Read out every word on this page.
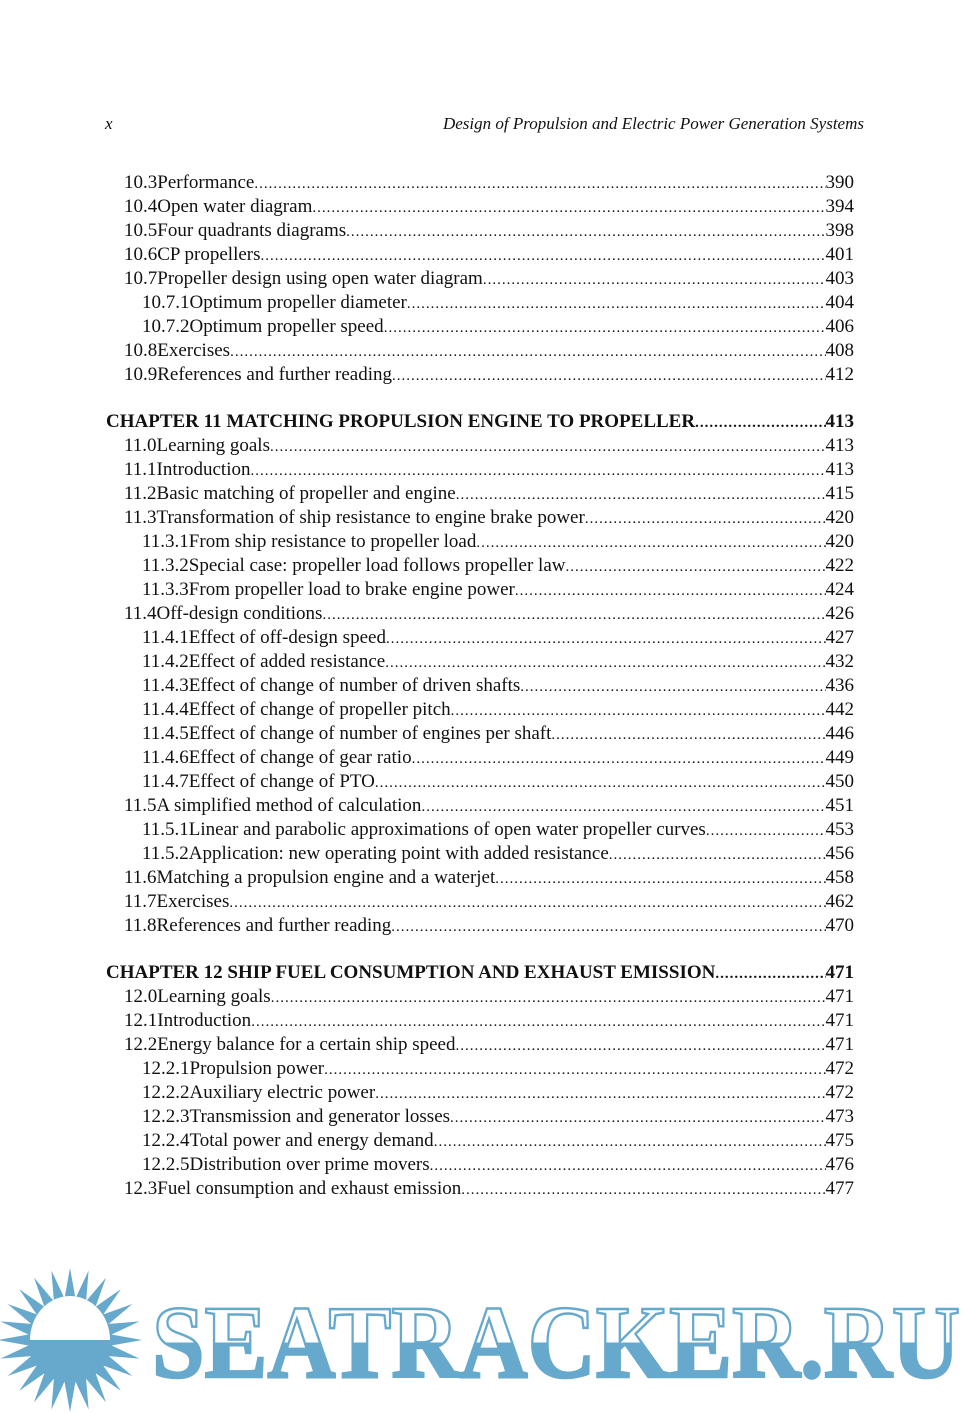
x	Design of Propulsion and Electric Power Generation Systems
10.3 Performance .....	390
10.4 Open water diagram .....	394
10.5 Four quadrants diagrams .....	398
10.6 CP propellers .....	401
10.7 Propeller design using open water diagram .....	403
10.7.1 Optimum propeller diameter .....	404
10.7.2 Optimum propeller speed .....	406
10.8 Exercises .....	408
10.9 References and further reading .....	412
CHAPTER 11 MATCHING PROPULSION ENGINE TO PROPELLER .....	413
11.0 Learning goals .....	413
11.1 Introduction .....	413
11.2 Basic matching of propeller and engine .....	415
11.3 Transformation of ship resistance to engine brake power .....	420
11.3.1 From ship resistance to propeller load .....	420
11.3.2 Special case: propeller load follows propeller law .....	422
11.3.3 From propeller load to brake engine power .....	424
11.4 Off-design conditions .....	426
11.4.1 Effect of off-design speed .....	427
11.4.2 Effect of added resistance .....	432
11.4.3 Effect of change of number of driven shafts .....	436
11.4.4 Effect of change of propeller pitch .....	442
11.4.5 Effect of change of number of engines per shaft .....	446
11.4.6 Effect of change of gear ratio .....	449
11.4.7 Effect of change of PTO .....	450
11.5 A simplified method of calculation .....	451
11.5.1 Linear and parabolic approximations of open water propeller curves .....	453
11.5.2 Application: new operating point with added resistance .....	456
11.6 Matching a propulsion engine and a waterjet .....	458
11.7 Exercises .....	462
11.8 References and further reading .....	470
CHAPTER 12 SHIP FUEL CONSUMPTION AND EXHAUST EMISSION .....	471
12.0 Learning goals .....	471
12.1 Introduction .....	471
12.2 Energy balance for a certain ship speed .....	471
12.2.1 Propulsion power .....	472
12.2.2 Auxiliary electric power .....	472
12.2.3 Transmission and generator losses .....	473
12.2.4 Total power and energy demand .....	475
12.2.5 Distribution over prime movers .....	476
12.3 Fuel consumption and exhaust emission .....	477
SEATRACKER.RU
